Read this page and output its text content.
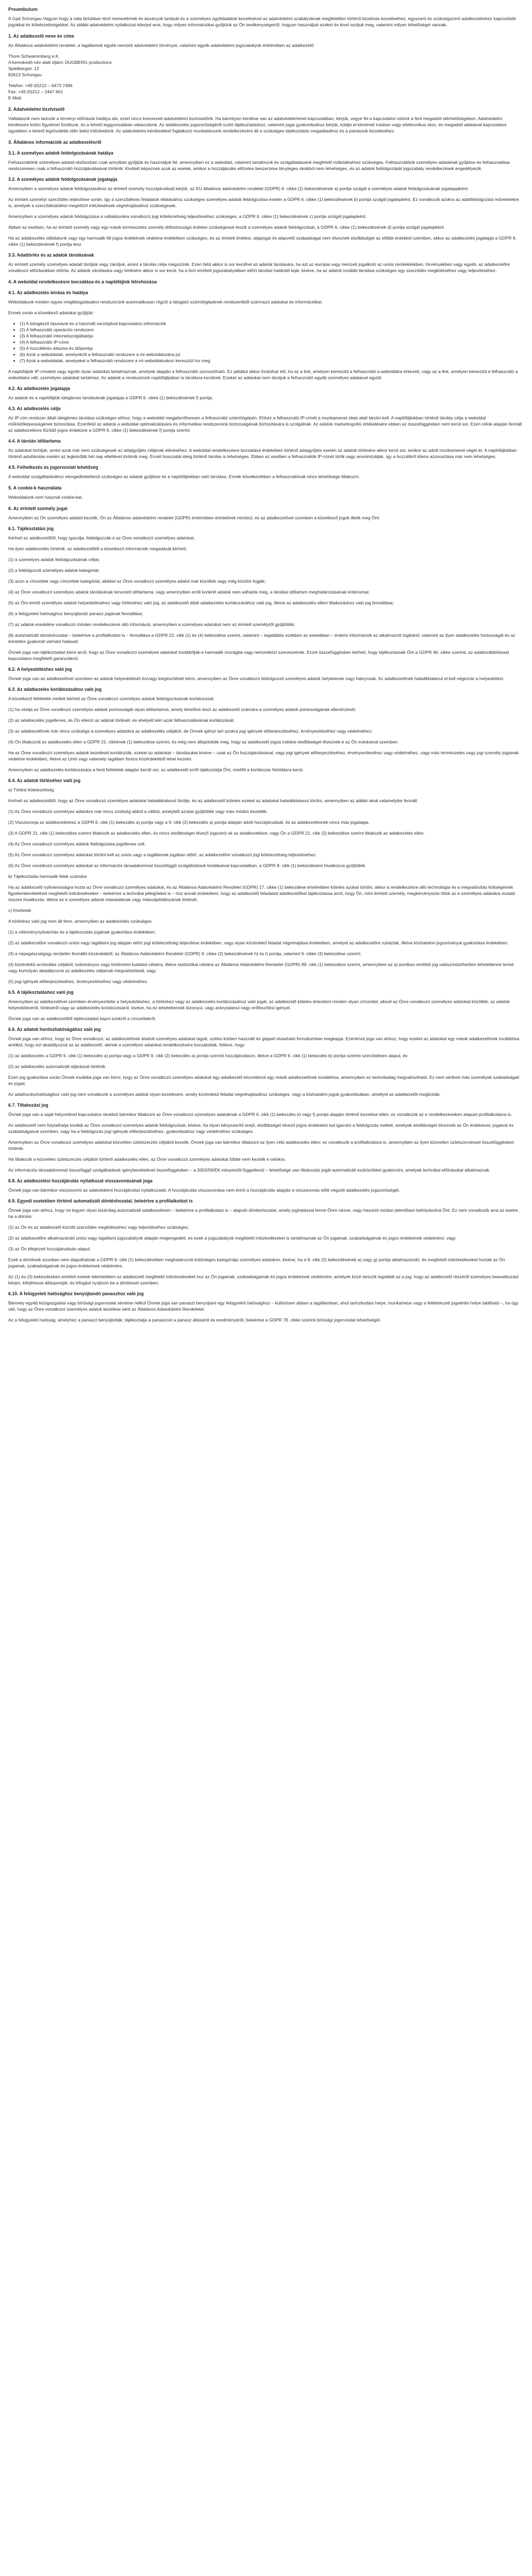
Preambulum

A Gpd Schongau Vagyon hogy a nála birtokban lévő nemesfémek és ásványok tartását és a személyes ügyfeladatok kezelésével az adatvédelmi szabályoknak megfelelően történő bizalmas kezeléséhez, egyszerű és szükségszerű adatkezeléshez kapcsolódó jogokkal és kötelezettségekkel. Az alábbi adatvédelmi nyilatkozat kiterjed arra, hogy milyen információkat gyűjtünk az Ön tevékenységeiről, hogyan használjuk ezeket és kivel osztjuk meg, valamint milyen lehetőségei vannak.

1. Az adatkezelő neve és címe

Az Általános adatvédelmi rendelet, a tagállamok egyéb nemzeti adatvédelmi törvényei, valamint egyéb adatvédelmi jogszabályok értelmében az adatkezelő:

Thore Schwammberg e.K.
A kereskedő név alatt eljáró: DUGBERG productions
Spielbergstr. 12
82613 Schongau

Telefon: +49 (0)212 – 6473 7496
Fax: +49 (0)212 – 2447 661
E-Mail:

2. Adatvédelmi tisztviselő

Vállalatunk nem tartozik a törvényi előírások hatálya alá, ezért nincs kinevezett adatvédelmi tisztviselőnk. Ha bármilyen kérdése van az adatvédelemmel kapcsolatban, kérjük, vegye fel a kapcsolatot velünk a fent megadott elérhetőségeken. Adatvédelmi kérdéseire külön figyelmet fordítunk, és a lehető leggyorsabban válaszolunk. Az adatkezelés jogszerűségéről szóló tájékoztatáshoz, valamint jogai gyakorlásához kérjük, küldje el kérelmét írásban vagy elektronikus úton, és megadott adataival kapcsolatos ügyekben a lehető legrövidebb időn belül intézkedünk. Az adatvédelmi kérdésekkel foglalkozó munkatársunk rendelkezésére áll a szükséges tájékoztatás megadásához és a panaszok kezeléséhez.

3. Általános információk az adatkezelésről
3.1. A személyes adatok feldolgozásának hatálya

Felhasználóink személyes adatait elsősorban csak annyiban gyűjtjük és használjuk fel, amennyiben ez a weboldal, valamint tartalmunk és szolgáltatásaink megfelelő működéséhez szükséges. Felhasználóink személyes adatainak gyűjtése és felhasználása rendszeresen csak a felhasználó hozzájárulásával történik. Kivételt képeznek azok az esetek, amikor a hozzájárulás előzetes beszerzése tényleges okokból nem lehetséges, és az adatok feldolgozását jogszabály rendelkezések engedélyezik.

3.2. A személyes adatok feldolgozásának jogalapja

Amennyiben a személyes adatok feldolgozásához az érintett személy hozzájárulását kérjük, az EU általános adatvédelmi rendelet (GDPR) 6. cikke (1) bekezdésének a) pontja szolgál a személyes adatok feldolgozásának jogalapjaként.

Az érintett személyt szerződés teljesítése során, így a szerződéses feladatok ellátásához szükséges személyes adatok feldolgozása esetén a GDPR 6. cikke (1) bekezdésének b) pontja szolgál jogalapként. Ez vonatkozik azokra az adatfeldolgozási műveletekre is, amelyek a szerződéskötést megelőző intézkedések végrehajtásához szükségesek.

Amennyiben a személyes adatok feldolgozása a vállalatunkra vonatkozó jogi kötelezettség teljesítéséhez szükséges, a GDPR 6. cikke (1) bekezdésének c) pontja szolgál jogalapként.

Abban az esetben, ha az érintett személy vagy egy másik természetes személy létfontosságú érdekei szükségessé teszik a személyes adatok feldolgozását, a GDPR 6. cikke (1) bekezdésének d) pontja szolgál jogalapként.

Ha az adatkezelés vállalatunk vagy egy harmadik fél jogos érdekének védelme érdekében szükséges, és az érintett érdekei, alapjogai és alapvető szabadságai nem élveznek elsőbbséget az előbbi érdekkel szemben, akkor az adatkezelés jogalapja a GDPR 6. cikke (1) bekezdésének f) pontja lesz.

3.3. Adattörlés és az adatok tárolásának

Az érintett személy személyes adatait töröljük vagy zároljuk, amint a tárolás célja megszűnik. Ezen felül akkor is sor kerülhet az adatok tárolására, ha azt az európai vagy nemzeti jogalkotó az uniós rendeletekben, törvényekben vagy egyéb, az adatkezelőre vonatkozó előírásokban előírta. Az adatok zárolására vagy törlésére akkor is sor kerül, ha a fent említett jogszabályokban előírt tárolási határidő lejár, kivéve, ha az adatok további tárolása szükséges egy szerződés megkötéséhez vagy teljesítéséhez.

4. A weboldal rendelkezésre bocsátása és a naplófájlok létrehozása
4.1. Az adatkezelés leírása és hatálya

Weboldalunk minden egyes meglátogatásakor rendszerünk automatikusan rögzíti a látogató számítógépének rendszeréből származó adatokat és információkat.

Ennek során a következő adatokat gyűjtjük:

• (1) A böngésző típusával és a használt verziójával kapcsolatos információk
• (2) A felhasználó operációs rendszere
• (3) A felhasználó internetszolgáltatója
• (4) A felhasználó IP-címe
• (5) A hozzáférés dátuma és időpontja
• (6) Azok a weboldalak, amelyekről a felhasználó rendszere a mi weboldalunkra jut
• (7) Azok a weboldalak, amelyeket a felhasználó rendszere a mi weboldalunkon keresztül hív meg

A naplófájlok IP-címeket vagy egyéb olyan adatokat tartalmaznak, amelyek alapján a felhasználó azonosítható. Ez például akkor fordulhat elő, ha az a link, amelyen keresztül a felhasználó a weboldalra érkezett, vagy az a link, amelyen keresztül a felhasználó a weboldalra vált, személyes adatokat tartalmaz. Az adatok a rendszerünk naplófájljaiban is tárolásra kerülnek. Ezeket az adatokat nem tároljuk a felhasználó egyéb személyes adataival együtt.

4.2. Az adatkezelés jogalapja

Az adatok és a naplófájlok ideiglenes tárolásának jogalapja a GDPR 6. cikke (1) bekezdésének f) pontja.

4.3. Az adatkezelés célja

Az IP-cím rendszer általi ideiglenes tárolása szükséges ahhoz, hogy a weboldal megjeleníthessen a felhasználó számítógépén. Ehhez a felhasználó IP-címét a munkamenet ideje alatt tárolni kell. A naplófájlokban történő tárolás célja a weboldal működőképességének biztosítása. Ezenfelül az adatok a weboldal optimalizálására és informatikai rendszereink biztonságának biztosítására is szolgálnak. Az adatok marketingcélú értékelésére ebben az összefüggésben nem kerül sor. Ezen célok alapján fennáll az adatkezelésre fűződő jogos érdekünk a GDPR 6. cikke (1) bekezdésének f) pontja szerint.

4.4. A tárolás időtartama

Az adatokat töröljük, amint azok már nem szükségesek az adatgyűjtés céljának eléréséhez. A weboldal rendelkezésre bocsátásá érdekében történő adatgyűjtés esetén az adatok törlésére akkor kerül sor, amikor az adott munkamenet véget ér. A naplófájlokban történő adattárolás esetén az legkésőbb hét nap elteltével történik meg. Ennél hosszabb ideig történő tárolás is lehetséges. Ebben az esetben a felhasználók IP-címét törlik vagy anonimizálják, így a hozzáférő kliens azonosítása már nem lehetséges.

4.5. Felhelkezés és jogorvoslati lehetőség

A weboldal szolgáltatásához elengedhetetlenül szükséges az adatok gyűjtése és a naplófájlokban való tárolása. Ennek következtében a felhasználónak nincs lehetősége tiltakozni.

5. A cookie-k használata

Weboldalunk nem használ cookie-kat.

6. Az érintett személy jogai

Amennyiben az Ön személyes adatait kezelik, Ön az Általános adatvédelmi rendelet (GDPR) értelmében érintettnek minősül, és az adatkezelővel szemben a következő jogok illetik meg Önt:

6.1. Tájékoztatási jog

Kérheti az adatkezelőtől, hogy igazolja, feldolgozzák-e az Önre vonatkozó személyes adatokat.

Ha ilyen adatkezelés történik, az adatkezelőtől a következő információk megadását kérheti:

(1) a személyes adatok feldolgozásának céljai;

(2) a feldolgozott személyes adatok kategóriái;

(3) azon a címzettek vagy címzettek kategóriái, akikkel az Önre vonatkozó személyes adatot már közölték vagy még közölni fogják;

(4) az Önre vonatkozó személyes adatok tárolásának tervezett időtartama, vagy amennyiben erről konkrét adatok nem adhatók meg, a tárolási időtartam meghatározásának kritériumai;

(5) az Önt érintő személyes adatok helyesbítéséhez vagy törléséhez való jog, az adatkezelő általi adatkezelés korlátozásához való jog, illetve az adatkezelés elleni tiltakozáshoz való jog fennállása;

(6) a felügyeleti hatósághoz benyújtandó panasz jogának fennállása;

(7) az adatok eredetére vonatkozó minden rendelkezésre álló információ, amennyiben a személyes adatokat nem az érintett személytől gyűjtötték;

(8) automatizált döntéshozatal – beleértve a profilalkotást is – fennállása a GDPR 22. cikk (1) és (4) bekezdése szerint, valamint – legalábbis ezekben az esetekben – érdemi információk az alkalmazott logikáról, valamint az ilyen adatkezelés fontosságát és az érintettre gyakorolt várható hatásait.

Önnek joga van tájékoztatást kérni arról, hogy az Önre vonatkozó személyes adatokat továbbítják-e harmadik országba vagy nemzetközi szervezetnek. Ezzel összefüggésben kérheti, hogy tájékoztassák Önt a GDPR 46. cikke szerinti, az adattovábbítással kapcsolatos megfelelő garanciákról.

6.2. A helyesbítéshez való jog

Önnek joga van az adatkezelővel szemben az adatok helyesbítését és/vagy kiegészítését kérni, amennyiben az Önre vonatkozó feldolgozott személyes adatok helytelenek vagy hiányosak. Az adatkezelőnek haladéktalanul el kell végeznie a helyesbítést.

6.3. Az adatkezelés korlátozásához való jog

A következő feltételek mellett kérheti az Önre vonatkozó személyes adatok feldolgozásának korlátozását:

(1) ha vitatja az Önre vonatkozó személyes adatok pontosságát olyan időtartamra, amely lehetővé teszi az adatkezelő számára a személyes adatok pontosságának ellenőrzését;

(2) az adatkezelés jogellenes, és Ön ellenzi az adatok törlését, és ehelyett kéri azok felhasználásának korlátozását;

(3) az adatkezelőnek már nincs szüksége a személyes adatokra az adatkezelés céljából, de Önnek igényt tart azokra jogi igények előterjesztéséhez, érvényesítéséhez vagy védelméhez;

(4) Ön tiltakozott az adatkezelés ellen a GDPR 21. cikkének (1) bekezdése szerint, és még nem állapították meg, hogy az adatkezelő jogos indokai elsőbbséget élveznek-e az Ön indokaival szemben.

Ha az Önre vonatkozó személyes adatok kezelését korlátozták, ezeket az adatokat – tárolásukat kivéve – csak az Ön hozzájárulásával, vagy jogi igények előterjesztéséhez, érvényesítéséhez vagy védelméhez, vagy más természetes vagy jogi személy jogainak védelme érdekében, illetve az Unió vagy valamely tagállam fontos közérdekéből lehet kezelni.

Amennyiben az adatkezelés korlátozására a fenti feltételek alapján került sor, az adatkezelő erről tájékoztatja Önt, mielőtt a korlátozás feloldásra kerül.

6.4. Az adatok törléséhez való jog

a) Törlési kötelezettség

Kérheti az adatkezelőtől, hogy az Önre vonatkozó személyes adatokat haladéktalanul törölje, és az adatkezelő köteles ezeket az adatokat haladéktalanul törölni, amennyiben az alábbi okok valamelyike fennáll:

(1) Az Önre vonatkozó személyes adatokra már nincs szükség abból a célból, amelyből azokat gyűjtötték vagy más módon kezelték.

(2) Visszavonja az adatkezeléshez a GDPR 6. cikk (1) bekezdés a) pontja vagy a 9. cikk (2) bekezdés a) pontja alapján adott hozzájárulását, és az adatkezelésnek nincs más jogalapja.

(3) A GDPR 21. cikk (1) bekezdése szerint tiltakozik az adatkezelés ellen, és nincs elsőbbséget élvező jogszerű ok az adatkezelésre, vagy Ön a GDPR 21. cikk (2) bekezdése szerint tiltakozik az adatkezelés ellen.

(4) Az Önre vonatkozó személyes adatok feldolgozása jogellenes volt.

(5) Az Önre vonatkozó személyes adatokat törölni kell az uniós vagy a tagállamok jogában előírt, az adatkezelőre vonatkozó jogi kötelezettség teljesítéséhez.

(6) Az Önre vonatkozó személyes adatokat az információs társadalommal összefüggő szolgáltatások kínálásával kapcsolatban, a GDPR 8. cikk (1) bekezdésére hivatkozva gyűjtötték.

b) Tájékoztatás harmadik felek számára

Ha az adatkezelő nyilvánosságra hozta az Önre vonatkozó személyes adatokat, és az Általános Adatvédelmi Rendelet (GDPR) 17. cikke (1) bekezdése értelmében köteles azokat törölni, akkor a rendelkezésre álló technológia és a megvalósítás költségeinek figyelembevételével megfelelő intézkedéseket – beleértve a technikai jellegűeket is – hoz annak érdekében, hogy az adatkezelő feladatait adatkezelőket tájékoztassa arról, hogy Ön, mint érintett személy, megkérvényezte tőlük az e személyes adatokra mutató összes hivatkozás, illetve az e személyes adatok másolatának vagy másodpéldányának törlését.

c) Kivételek

A törléshez való jog nem áll fenn, amennyiben az adatkezelés szükséges

(1) a véleménynyilvánítás és a tájékozódás jogának gyakorlása érdekében;

(2) az adatkezelőre vonatkozó uniós vagy tagállami jog alapján előírt jogi kötelezettség teljesítése érdekében, vagy olyan közérdekű feladat végrehajtása érdekében, amelyet az adatkezelőre ruháztak, illetve közhatalmi jogosítványai gyakorlása érdekében;

(3) a népegészségügy területén fennálló közérdekből, az Általános Adatvédelmi Rendelet (GDPR) 9. cikke (2) bekezdésének h) és i) pontja, valamint 9. cikke (3) bekezdése szerint;

(4) közérdekű archiválás céljából, tudományos vagy történelmi kutatási célokra, illetve statisztikai célokra az Általános Adatvédelmi Rendelet (GDPR) 89. cikk (1) bekezdése szerint, amennyiben az a) pontban említett jog valószínűsíthetően lehetetlenné tenné vagy komolyan akadályozná az adatkezelés céljainak megvalósítását, vagy

(5) jogi igények előterjesztéséhez, érvényesítéséhez vagy védelméhez.

6.5. A tájékoztatáshoz való jog

Amennyiben az adatkezelővel szemben érvényesítette a helyesbítéshez, a törléshez vagy az adatkezelés korlátozásához való jogát, az adatkezelő köteles értesíteni minden olyan címzettet, akivel az Önre vonatkozó személyes adatokat közölték, az adatok helyesbítéséről, törléséről vagy az adatkezelés korlátozásáról, kivéve, ha ez lehetetlennek bizonyul, vagy aránytalanul nagy erőfeszítést igényel.

Önnek joga van az adatkezelőtől tájékoztatást kapni ezekről a címzettekről.

6.6. Az adatok hordozhatóságához való jog

Önnek joga van ahhoz, hogy az Önre vonatkozó, az adatkezelőnek átadott személyes adatokat tagolt, széles körben használt és géppel olvasható formátumban megkapja. Ezenkívül joga van ahhoz, hogy ezeket az adatokat egy másik adatkezelőnek továbbítsa anélkül, hogy ezt akadályozná az az adatkezelő, akinek a személyes adatokat rendelkezésére bocsátották, feltéve, hogy

(1) az adatkezelés a GDPR 6. cikk (1) bekezdés a) pontja vagy a GDPR 9. cikk (2) bekezdés a) pontja szerinti hozzájáruláson, illetve a GDPR 6. cikk (1) bekezdés b) pontja szerinti szerződésen alapul, és

(2) az adatkezelés automatizált eljárással történik.

Ezen jog gyakorlása során Önnek továbbá joga van kérni, hogy az Önre vonatkozó személyes adatokat egy adatkezelő közvetlenül egy másik adatkezelőnek továbbítsa, amennyiben ez technikailag megvalósítható. Ez nem sértheti más személyek szabadságait és jogait.

Az adathordozhatósághoz való jog nem vonatkozik a személyes adatok olyan kezelésére, amely közérdekű feladat végrehajtásához szükséges, vagy a közhatalmi jogok gyakorlásában, amellyel az adatkezelőt megbízták.

6.7. Tiltakozási jog

Önnek joga van a saját helyzetével kapcsolatos okokból bármikor tiltakozni az Önre vonatkozó személyes adatoknak a GDPR 6. cikk (1) bekezdés e) vagy f) pontja alapján történő kezelése ellen; ez vonatkozik az e rendelkezéseken alapuló profilalkotásra is.

Az adatkezelő nem folytathatja tovább az Önre vonatkozó személyes adatok feldolgozását, kivéve, ha olyan kényszerítő erejű, elsőbbséget élvező jogos érdekeket tud igazolni a feldolgozás mellett, amelyek elsőbbséget élveznek az Ön érdekeivel, jogaival és szabadságaival szemben, vagy ha a feldolgozás jogi igények előterjesztéséhez, gyakorlásához vagy védelméhez szükséges.

Amennyiben az Önre vonatkozó személyes adatokat közvetlen üzletszerzés céljából kezelik, Önnek joga van bármikor tiltakozni az ilyen célú adatkezelés ellen; ez vonatkozik a profilalkotásra is, amennyiben az ilyen közvetlen üzletszerzéssel összefüggésben történik.

Ha tiltakozik a közvetlen üzletszerzés céljából történő adatkezelés ellen, az Önre vonatkozó személyes adatokat többé nem kezelik e célokra.

Az információs társadalommal összefüggő szolgáltatások igénybevételével összefüggésben – a 2002/58/EK irányelvtől függetlenül – lehetősége van tiltakozási jogát automatizált eszközökkel gyakorolni, amelyek technikai előírásokat alkalmaznak.

6.8. Az adatkezelési hozzájárulás nyilatkozat visszavonásának joga

Önnek joga van bármikor visszavonni az adatvédelmi hozzájárulási nyilatkozatát. A hozzájárulás visszavonása nem érinti a hozzájárulás alapján a visszavonás előtt végzett adatkezelés jogszerűségét.

6.9. Egyedi esetekben történő automatizált döntéshozatal, beleértve a profilalkotást is

Önnek joga van ahhoz, hogy ne legyen olyan kizárólag automatizált adatkezelésen – beleértve a profilalkotást is – alapuló döntéshozatal, amely joghatással lenne Önre nézve, vagy hasonló módon jelentősen befolyásolná Önt. Ez nem vonatkozik arra az esetre, ha a döntés:

(1) az Ön és az adatkezelő közötti szerződés megkötéséhez vagy teljesítéséhez szükséges;

(2) az adatkezelőre alkalmazandó uniós vagy tagállami jogszabályok alapján megengedett, és ezek a jogszabályok megfelelő intézkedéseket is tartalmaznak az Ön jogainak, szabadságainak és jogos érdekeinek védelmére; vagy

(3) az Ön kifejezett hozzájárulásán alapul.

Ezek a döntések azonban nem alapulhatnak a GDPR 9. cikk (1) bekezdésében meghatározott különleges kategóriájú személyes adatokon, kivéve, ha a 9. cikk (2) bekezdésének a) vagy g) pontja alkalmazandó, és megfelelő intézkedéseket hoztak az Ön jogainak, szabadságainak és jogos érdekeinek védelmére.

Az (1) és (3) bekezdésben említett esetek tekintetében az adatkezelő megfelelő intézkedéseket hoz az Ön jogainak, szabadságainak és jogos érdekeinek védelmére, amelyek közé tartozik legalább az a jog, hogy az adatkezelő részéről személyes beavatkozást kérjen, kifejthesse álláspontját, és kifogást nyújtson be a döntéssel szemben.

6.10. A felügyeleti hatósághoz benyújtandó panaszhoz való jog

Bármely egyéb közigazgatási vagy bírósági jogorvoslat sérelme nélkül Önnek joga van panaszt benyújtani egy felügyeleti hatósághoz – különösen abban a tagállamban, ahol tartózkodási helye, munkahelye vagy a feltételezett jogsértés helye található –, ha úgy véli, hogy az Önre vonatkozó személyes adatok kezelése sérti az Általános Adatvédelmi Rendeletet.

Az a felügyeleti hatóság, amelyhez a panaszt benyújtották, tájékoztatja a panaszost a panasz állásáról és eredményéről, beleértve a GDPR 78. cikke szerinti bírósági jogorvoslat lehetőségét.
